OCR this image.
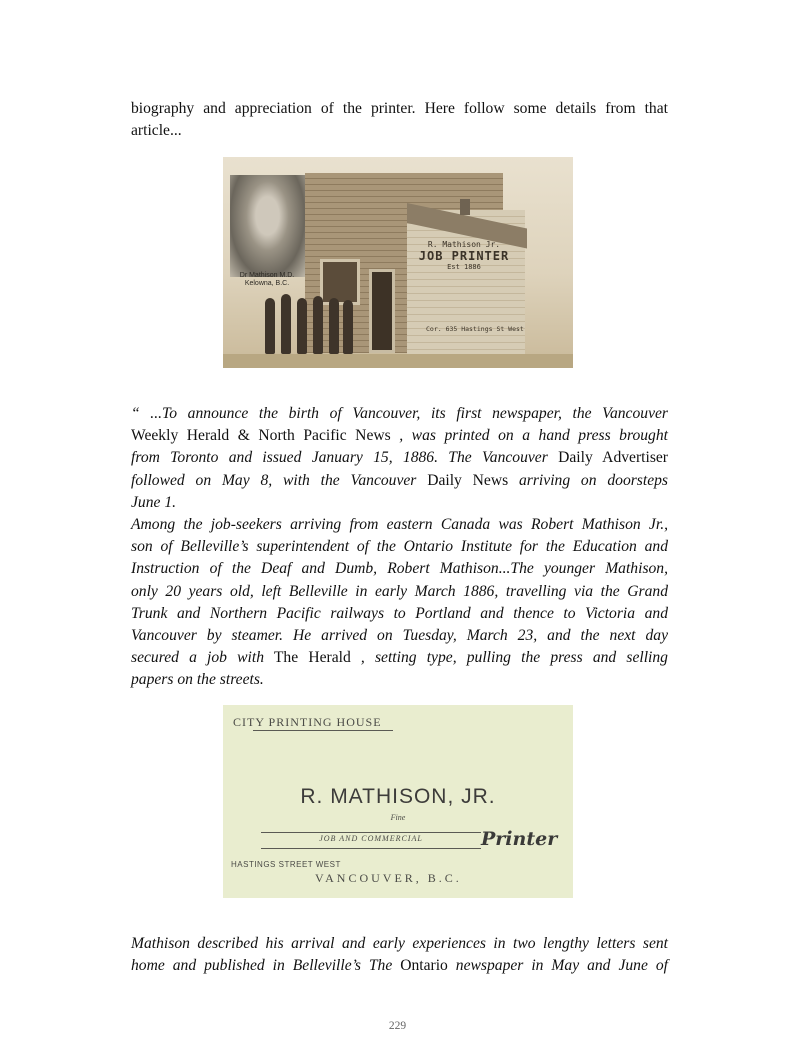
biography and appreciation of the printer. Here follow some details from that
article...
Dr Mathison M.D. Kelowna, B.C.
R. Mathison Jr.
JOB PRINTER
Est 1886
Cor. 635 Hastings St West
“ ...To announce the birth of Vancouver, its first newspaper, the Vancouver
Weekly Herald & North Pacific News , was printed on a hand press brought
from Toronto and issued January 15, 1886. The Vancouver Daily Advertiser
followed on May 8, with the Vancouver Daily News arriving on doorsteps
June 1.
Among the job-seekers arriving from eastern Canada was Robert Mathison Jr.,
son of Belleville’s superintendent of the Ontario Institute for the Education and
Instruction of the Deaf and Dumb, Robert Mathison...The younger Mathison,
only 20 years old, left Belleville in early March 1886, travelling via the Grand
Trunk and Northern Pacific railways to Portland and thence to Victoria and
Vancouver by steamer. He arrived on Tuesday, March 23, and the next day
secured a job with The Herald , setting type, pulling the press and selling
papers on the streets.
CITY PRINTING HOUSE
R. MATHISON, JR.
Fine
JOB AND COMMERCIAL	Printer
HASTINGS STREET WEST
VANCOUVER, B.C.
Mathison described his arrival and early experiences in two lengthy letters sent
home and published in Belleville’s The Ontario newspaper in May and June of
229
